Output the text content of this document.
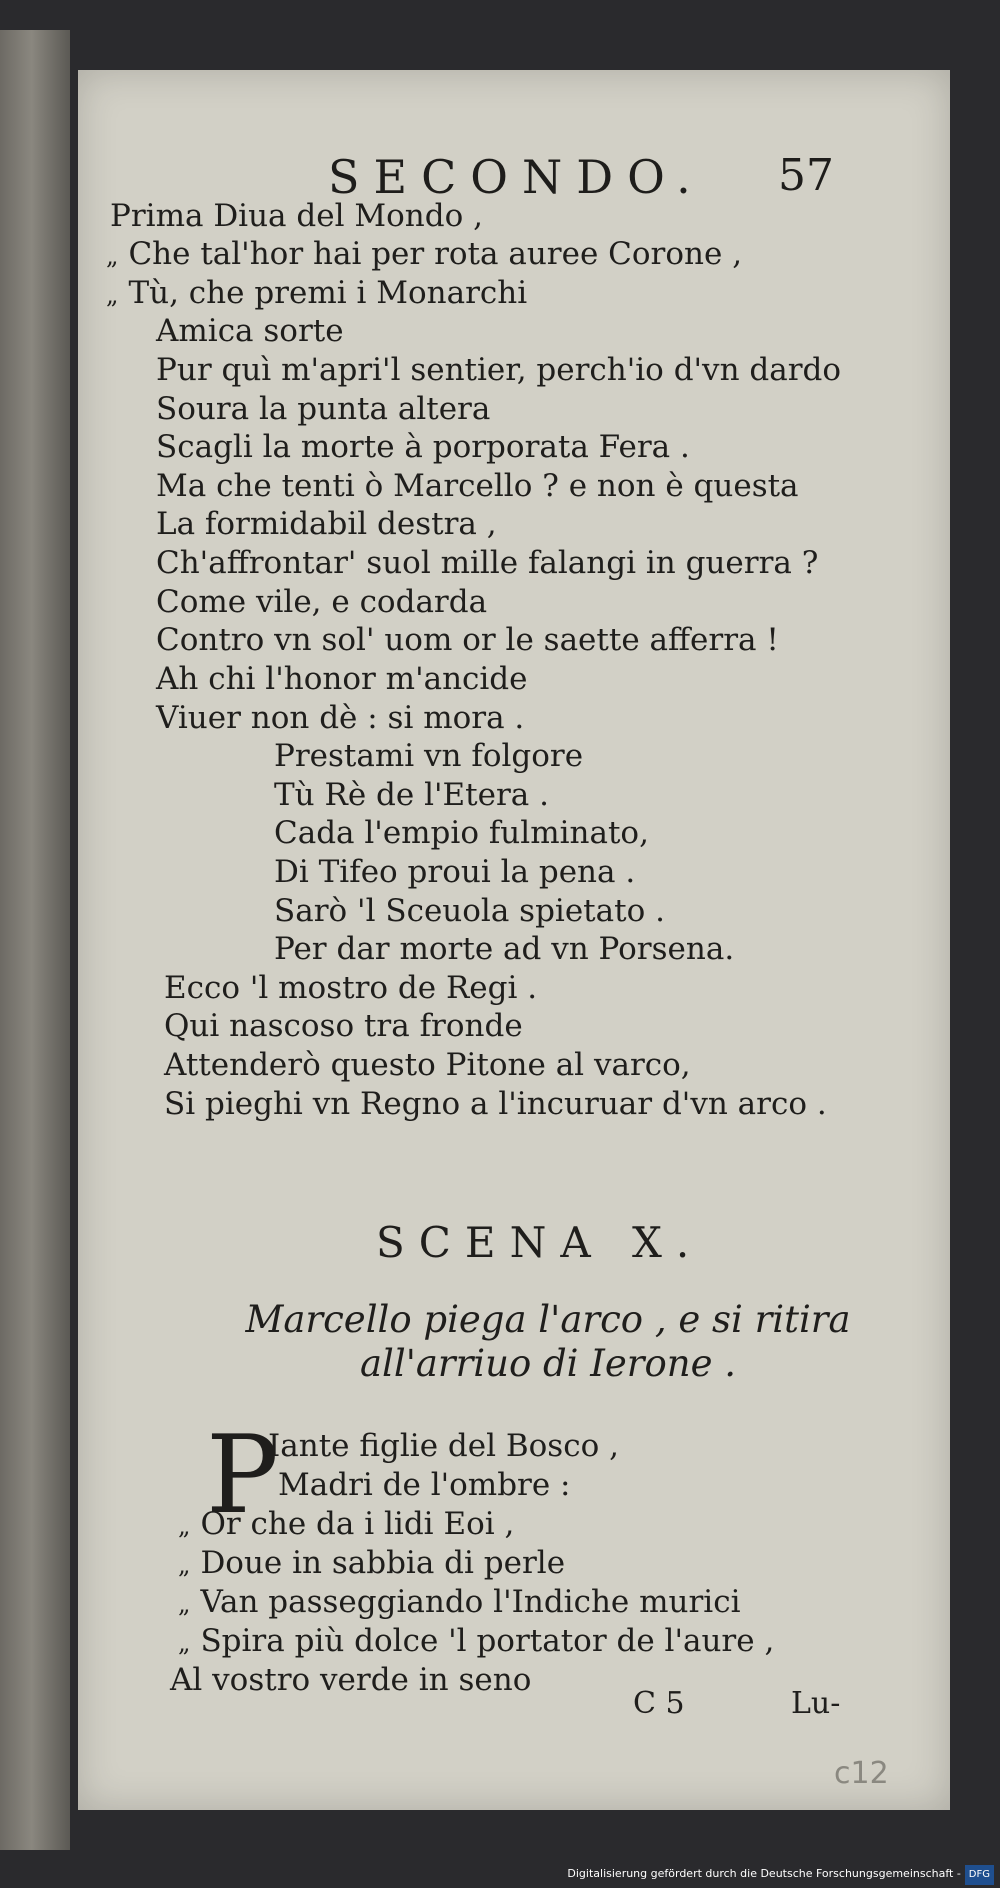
SECONDO. 57
Prima Diua del Mondo ,
„ Che tal'hor hai per rota auree Corone ,
„ Tù, che premi i Monarchi
Amica sorte
Pur quì m'apri'l sentier, perch'io d'vn dardo
Soura la punta altera
Scagli la morte à porporata Fera .
Ma che tenti ò Marcello ? e non è questa
La formidabil destra ,
Ch'affrontar' suol mille falangi in guerra ?
Come vile, e codarda
Contro vn sol' uom or le saette afferra !
Ah chi l'honor m'ancide
Viuer non dè : si mora .
Prestami vn folgore
Tù Rè de l'Etera .
Cada l'empio fulminato,
Di Tifeo proui la pena .
Sarò 'l Sceuola spietato .
Per dar morte ad vn Porsena.
Ecco 'l mostro de Regi .
Qui nascoso tra fronde
Attenderò questo Pitone al varco,
Si pieghi vn Regno a l'incuruar d'vn arco .
SCENA X.
Marcello piega l'arco , e si ritira
all'arriuo di Ierone .
P
Iante figlie del Bosco ,
Madri de l'ombre :
„ Or che da i lidi Eoi ,
„ Doue in sabbia di perle
„ Van passeggiando l'Indiche murici
„ Spira più dolce 'l portator de l'aure ,
Al vostro verde in seno
C 5	Lu-
c12
Digitalisierung gefördert durch die Deutsche Forschungsgemeinschaft - DFG
